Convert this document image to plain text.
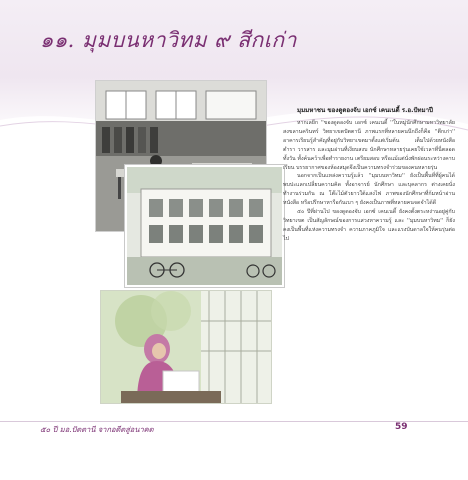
๑๑. มุมบนหาวิทม ๙ สีกเก่า
มุมมหาชน ของดูดองจับ เอกซ์ เคนเนดี้ ร.อ.ปัทมาปี

หากเลยีก ''ของดูดองจับ เอกซ์ เคนเนดี้ ''ในหมู่นักศึกษามหาวิทยาลัยสงขลานครินทร์ วิทยาเขตปัตตานี ภาพแรกที่หลายคนนึกถึงก็คือ ''ตึกเก่า'' อาคารเรียนรู้สำคัญที่อยู่กับวิทยาเขตมาตั้งแต่เริ่มต้น เต็มไปด้วยหนังสือ ตำรา วารสาร และมุมอ่านที่เงียบสงบ นักศึกษาหลายรุ่นเคยใช้เวลาที่นี่ตลอดทั้งวัน ทั้งค้นคว้าเพื่อทำรายงาน เตรียมสอบ หรือแม้แต่นั่งพักผ่อนระหว่างคาบเรียน บรรยากาศของห้องสมุดจึงเป็นความทรงจำร่วมของคนหลายรุ่น

นอกจากเป็นแหล่งความรู้แล้ว ''มุมบนหาวิทม'' ยังเป็นพื้นที่ที่ผู้คนได้พบปะแลกเปลี่ยนความคิด ทั้งอาจารย์ นักศึกษา และบุคลากร ต่างเคยนั่งทำงานร่วมกัน ณ โต๊ะไม้ตัวยาวใต้แสงไฟ ภาพของนักศึกษาที่ก้มหน้าอ่านหนังสือ หรือปรึกษาหารือกันเบา ๆ ยังคงเป็นภาพที่หลายคนจดจำได้ดี

๕๐ ปีที่ผ่านไป ของดูดองจับ เอกซ์ เคนเนดี้ ยังคงตั้งตระหง่านอยู่คู่กับวิทยาเขต เป็นสัญลักษณ์ของการแสวงหาความรู้ และ ''มุมบนหาวิทม'' ก็ยังคงเป็นพื้นที่แห่งความทรงจำ ความภาคภูมิใจ และแรงบันดาลใจให้คนรุ่นต่อไป

๕๐ ปี มอ.ปัตตานี จากอดีตสู่อนาคต	59
